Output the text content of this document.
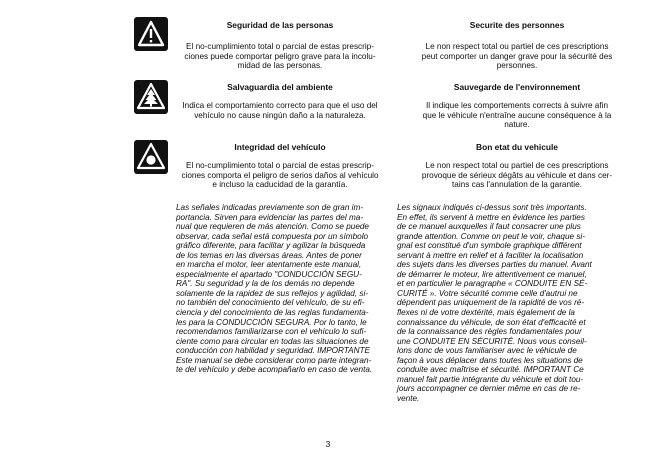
Seguridad de las personas
El no-cumplimiento total o parcial de estas prescrip-
ciones puede comportar peligro grave para la incolu-
midad de las personas.
Securite des personnes
Le non respect total ou partiel de ces prescriptions
peut comporter un danger grave pour la sécurité des
personnes.
Salvaguardia del ambiente
Indica el comportamiento correcto para que el uso del
vehículo no cause ningún daño a la naturaleza.
Sauvegarde de l'environnement
Il indique les comportements corrects à suivre afin
que le véhicule n'entraîne aucune conséquence à la
nature.
Integridad del vehículo
El no-cumplimiento total o parcial de estas prescrip-
ciones comporta el peligro de serios daños al vehículo
e incluso la caducidad de la garantía.
Bon etat du vehicule
Le non respect total ou partiel de ces prescriptions
provoque de sérieux dégâts au véhicule et dans cer-
tains cas l'annulation de la garantie.
Las señales indicadas previamente son de gran im-
portancia. Sirven para evidenciar las partes del ma-
nual que requieren de más atención. Como se puede
observar, cada señal está compuesta por un símbolo
gráfico diferente, para facilitar y agilizar la búsqueda
de los temas en las diversas áreas. Antes de poner
en marcha el motor, leer atentamente este manual,
especialmente el apartado "CONDUCCIÓN SEGU-
RA". Su seguridad y la de los demás no depende
solamente de la rapidez de sus reflejos y agilidad, si-
no también del conocimiento del vehículo, de su efi-
ciencia y del conocimiento de las reglas fundamenta-
les para la CONDUCCIÓN SEGURA. Por lo tanto, le
recomendamos familiarizarse con el vehículo lo sufi-
ciente como para circular en todas las situaciones de
conducción con habilidad y seguridad. IMPORTANTE
Este manual se debe considerar como parte integran-
te del vehículo y debe acompañarlo en caso de venta.
Les signaux indiqués ci-dessus sont très importants.
En effet, ils servent à mettre en évidence les parties
de ce manuel auxquelles il faut consacrer une plus
grande attention. Comme on peut le voir, chaque si-
gnal est constitué d'un symbole graphique différent
servant à mettre en relief et à faciliter la localisation
des sujets dans les diverses parties du manuel. Avant
de démarrer le moteur, lire attentivement ce manuel,
et en particulier le paragraphe « CONDUITE EN SÉ-
CURITÉ ». Votre sécurité comme celle d'autrui ne
dépendent pas uniquement de la rapidité de vos ré-
flexes ni de votre dextérité, mais également de la
connaissance du véhicule, de son état d'efficacité et
de la connaissance des règles fondamentales pour
une CONDUITE EN SÉCURITÉ. Nous vous conseil-
lons donc de vous familiariser avec le véhicule de
façon à vous déplacer dans toutes les situations de
conduite avec maîtrise et sécurité. IMPORTANT Ce
manuel fait partie intégrante du véhicule et doit tou-
jours accompagner ce dernier même en cas de re-
vente.
3
